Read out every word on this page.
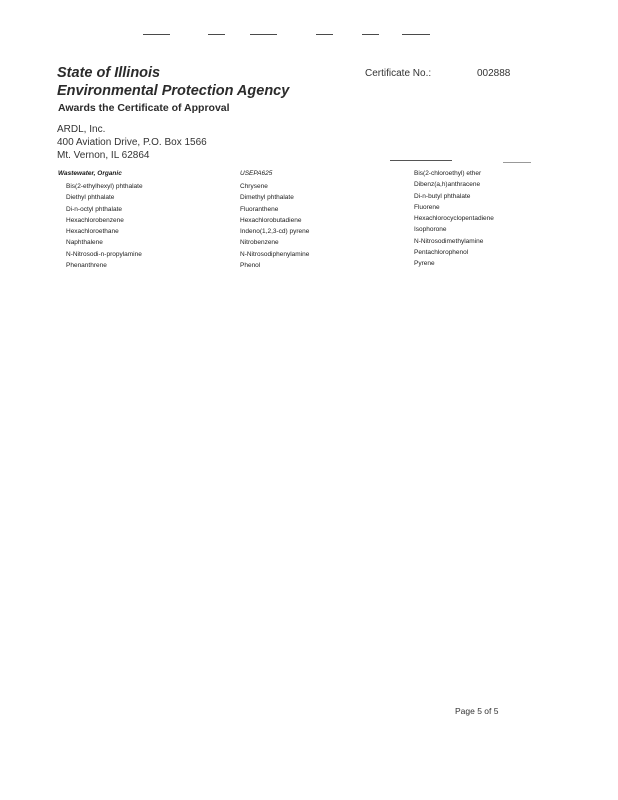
State of Illinois
Environmental Protection Agency
Awards the Certificate of Approval
Certificate No.:	002888
ARDL, Inc.
400 Aviation Drive, P.O. Box 1566
Mt. Vernon, IL 62864
Wastewater, Organic	USEPA625
Bis(2-ethylhexyl) phthalate
Diethyl phthalate
Di-n-octyl phthalate
Hexachlorobenzene
Hexachloroethane
Naphthalene
N-Nitrosodi-n-propylamine
Phenanthrene
Chrysene
Dimethyl phthalate
Fluoranthene
Hexachlorobutadiene
Indeno(1,2,3-cd) pyrene
Nitrobenzene
N-Nitrosodiphenylamine
Phenol
Bis(2-chloroethyl) ether
Dibenz(a,h)anthracene
Di-n-butyl phthalate
Fluorene
Hexachlorocyclopentadiene
Isophorone
N-Nitrosodimethylamine
Pentachlorophenol
Pyrene
Page 5 of 5
